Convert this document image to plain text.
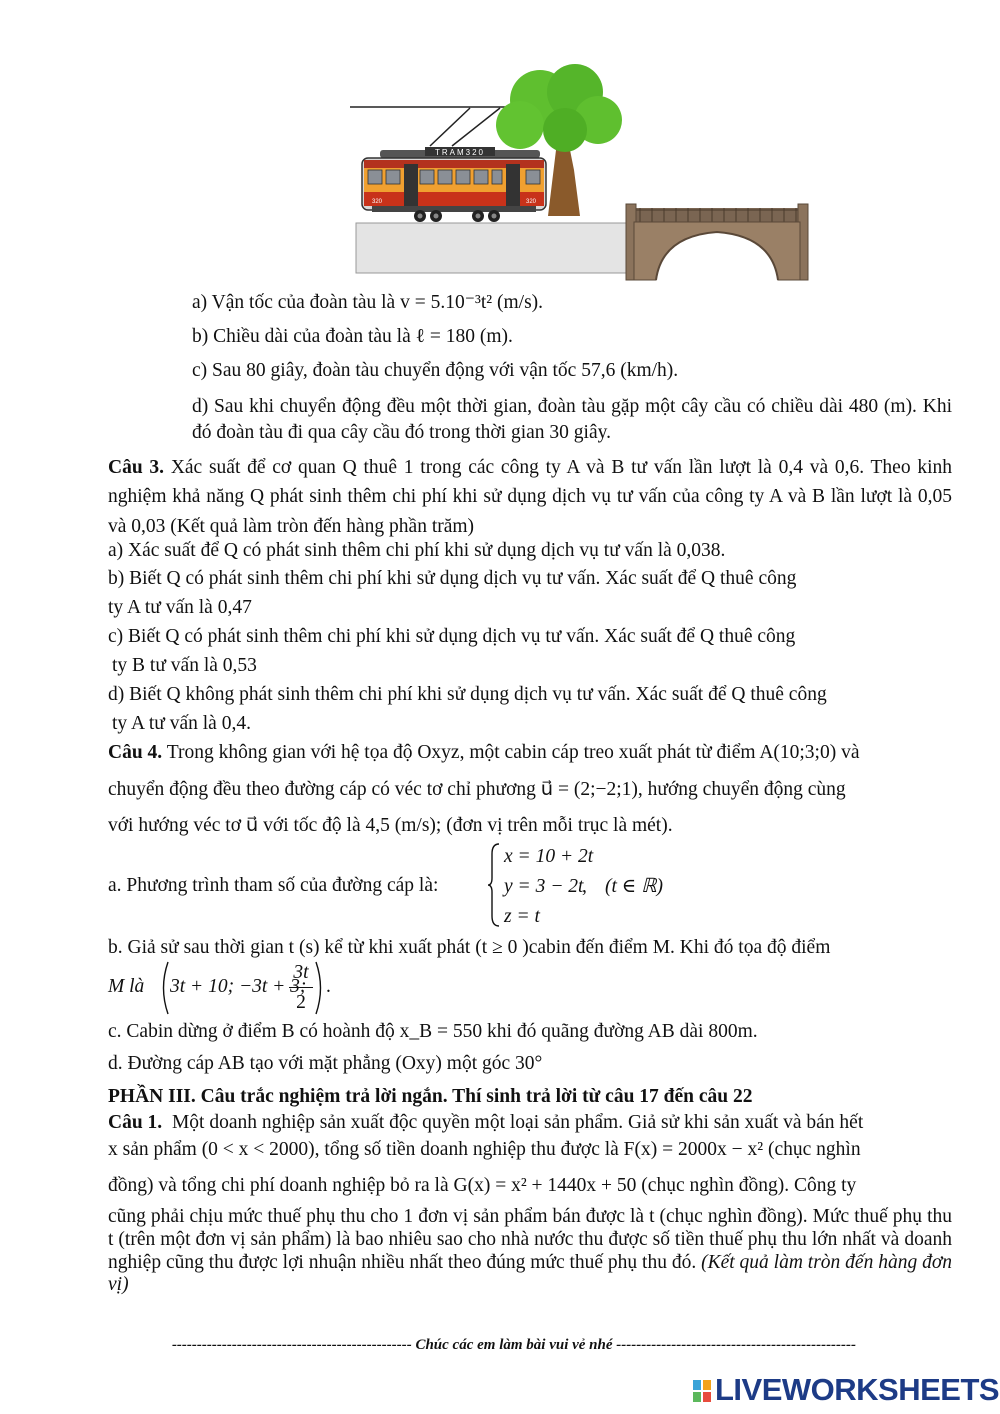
TRAM320
320	320
a) Vận tốc của đoàn tàu là v = 5.10⁻³t² (m/s).
b) Chiều dài của đoàn tàu là ℓ = 180 (m).
c) Sau 80 giây, đoàn tàu chuyển động với vận tốc 57,6 (km/h).
d) Sau khi chuyển động đều một thời gian, đoàn tàu gặp một cây cầu có chiều dài 480 (m). Khi đó đoàn tàu đi qua cây cầu đó trong thời gian 30 giây.
Câu 3. Xác suất để cơ quan Q thuê 1 trong các công ty A và B tư vấn lần lượt là 0,4 và 0,6. Theo kinh nghiệm khả năng Q phát sinh thêm chi phí khi sử dụng dịch vụ tư vấn của công ty A và B lần lượt là 0,05 và 0,03 (Kết quả làm tròn đến hàng phần trăm)
a) Xác suất để Q có phát sinh thêm chi phí khi sử dụng dịch vụ tư vấn là 0,038.
b) Biết Q có phát sinh thêm chi phí khi sử dụng dịch vụ tư vấn. Xác suất để Q thuê công
ty A tư vấn là 0,47
c) Biết Q có phát sinh thêm chi phí khi sử dụng dịch vụ tư vấn. Xác suất để Q thuê công
ty B tư vấn là 0,53
d) Biết Q không phát sinh thêm chi phí khi sử dụng dịch vụ tư vấn. Xác suất để Q thuê công
ty A tư vấn là 0,4.
Câu 4. Trong không gian với hệ tọa độ Oxyz, một cabin cáp treo xuất phát từ điểm A(10;3;0) và
chuyển động đều theo đường cáp có véc tơ chỉ phương u⃗ = (2;−2;1), hướng chuyển động cùng
với hướng véc tơ u⃗ với tốc độ là 4,5 (m/s); (đơn vị trên mỗi trục là mét).
a. Phương trình tham số của đường cáp là:
x = 10 + 2t
y = 3 − 2t
z = t
, (t ∈ ℝ)
b. Giả sử sau thời gian t (s) kể từ khi xuất phát (t ≥ 0 )cabin đến điểm M. Khi đó tọa độ điểm
M là 3t + 10; −3t + 3;
3t
2
.
c. Cabin dừng ở điểm B có hoành độ x_B = 550 khi đó quãng đường AB dài 800m.
d. Đường cáp AB tạo với mặt phẳng (Oxy) một góc 30°
PHẦN III. Câu trắc nghiệm trả lời ngắn. Thí sinh trả lời từ câu 17 đến câu 22
Câu 1. Một doanh nghiệp sản xuất độc quyền một loại sản phẩm. Giả sử khi sản xuất và bán hết
x sản phẩm (0 < x < 2000), tổng số tiền doanh nghiệp thu được là F(x) = 2000x − x² (chục nghìn
đồng) và tổng chi phí doanh nghiệp bỏ ra là G(x) = x² + 1440x + 50 (chục nghìn đồng). Công ty
cũng phải chịu mức thuế phụ thu cho 1 đơn vị sản phẩm bán được là t (chục nghìn đồng). Mức thuế phụ thu t (trên một đơn vị sản phẩm) là bao nhiêu sao cho nhà nước thu được số tiền thuế phụ thu lớn nhất và doanh nghiệp cũng thu được lợi nhuận nhiều nhất theo đúng mức thuế phụ thu đó. (Kết quả làm tròn đến hàng đơn vị)
------------------------------------------------ Chúc các em làm bài vui vẻ nhé ------------------------------------------------
LIVEWORKSHEETS
